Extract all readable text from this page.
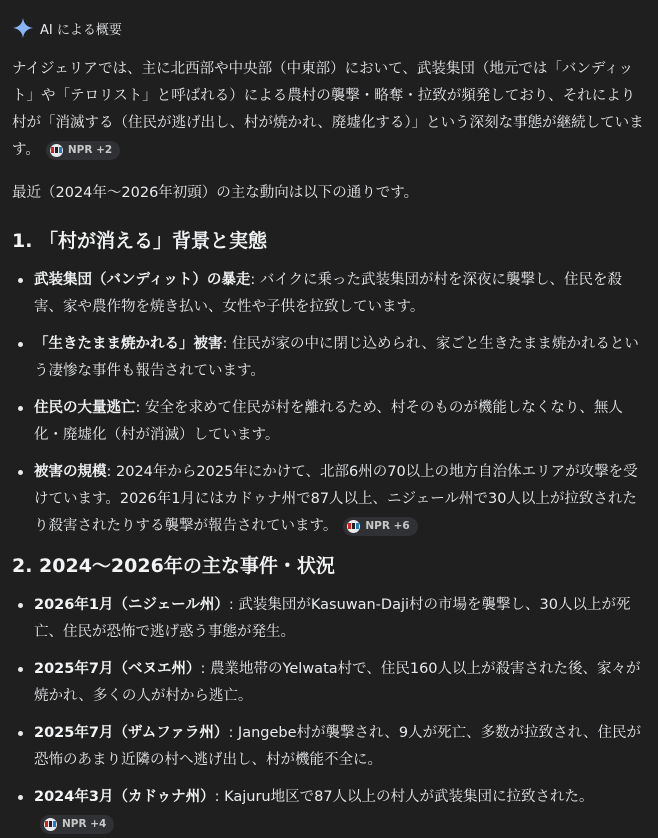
AI による概要

ナイジェリアでは、主に北西部や中央部（中東部）において、武装集団（地元では「バンディット」や「テロリスト」と呼ばれる）による農村の襲撃・略奪・拉致が頻発しており、それにより村が「消滅する（住民が逃げ出し、村が焼かれ、廃墟化する）」という深刻な事態が継続しています。	NPR +2

最近（2024年～2026年初頭）の主な動向は以下の通りです。

1. 「村が消える」背景と実態
武装集団（バンディット）の暴走: バイクに乗った武装集団が村を深夜に襲撃し、住民を殺害、家や農作物を焼き払い、女性や子供を拉致しています。
「生きたまま焼かれる」被害: 住民が家の中に閉じ込められ、家ごと生きたまま焼かれるという凄惨な事件も報告されています。
住民の大量逃亡: 安全を求めて住民が村を離れるため、村そのものが機能しなくなり、無人化・廃墟化（村が消滅）しています。
被害の規模: 2024年から2025年にかけて、北部6州の70以上の地方自治体エリアが攻撃を受けています。2026年1月にはカドゥナ州で87人以上、ニジェール州で30人以上が拉致されたり殺害されたりする襲撃が報告されています。	NPR +6
2. 2024～2026年の主な事件・状況
2026年1月（ニジェール州）: 武装集団がKasuwan-Daji村の市場を襲撃し、30人以上が死亡、住民が恐怖で逃げ惑う事態が発生。
2025年7月（ベヌエ州）: 農業地帯のYelwata村で、住民160人以上が殺害された後、家々が焼かれ、多くの人が村から逃亡。
2025年7月（ザムファラ州）: Jangebe村が襲撃され、9人が死亡、多数が拉致され、住民が恐怖のあまり近隣の村へ逃げ出し、村が機能不全に。
2024年3月（カドゥナ州）: Kajuru地区で87人以上の村人が武装集団に拉致された。
NPR +4
